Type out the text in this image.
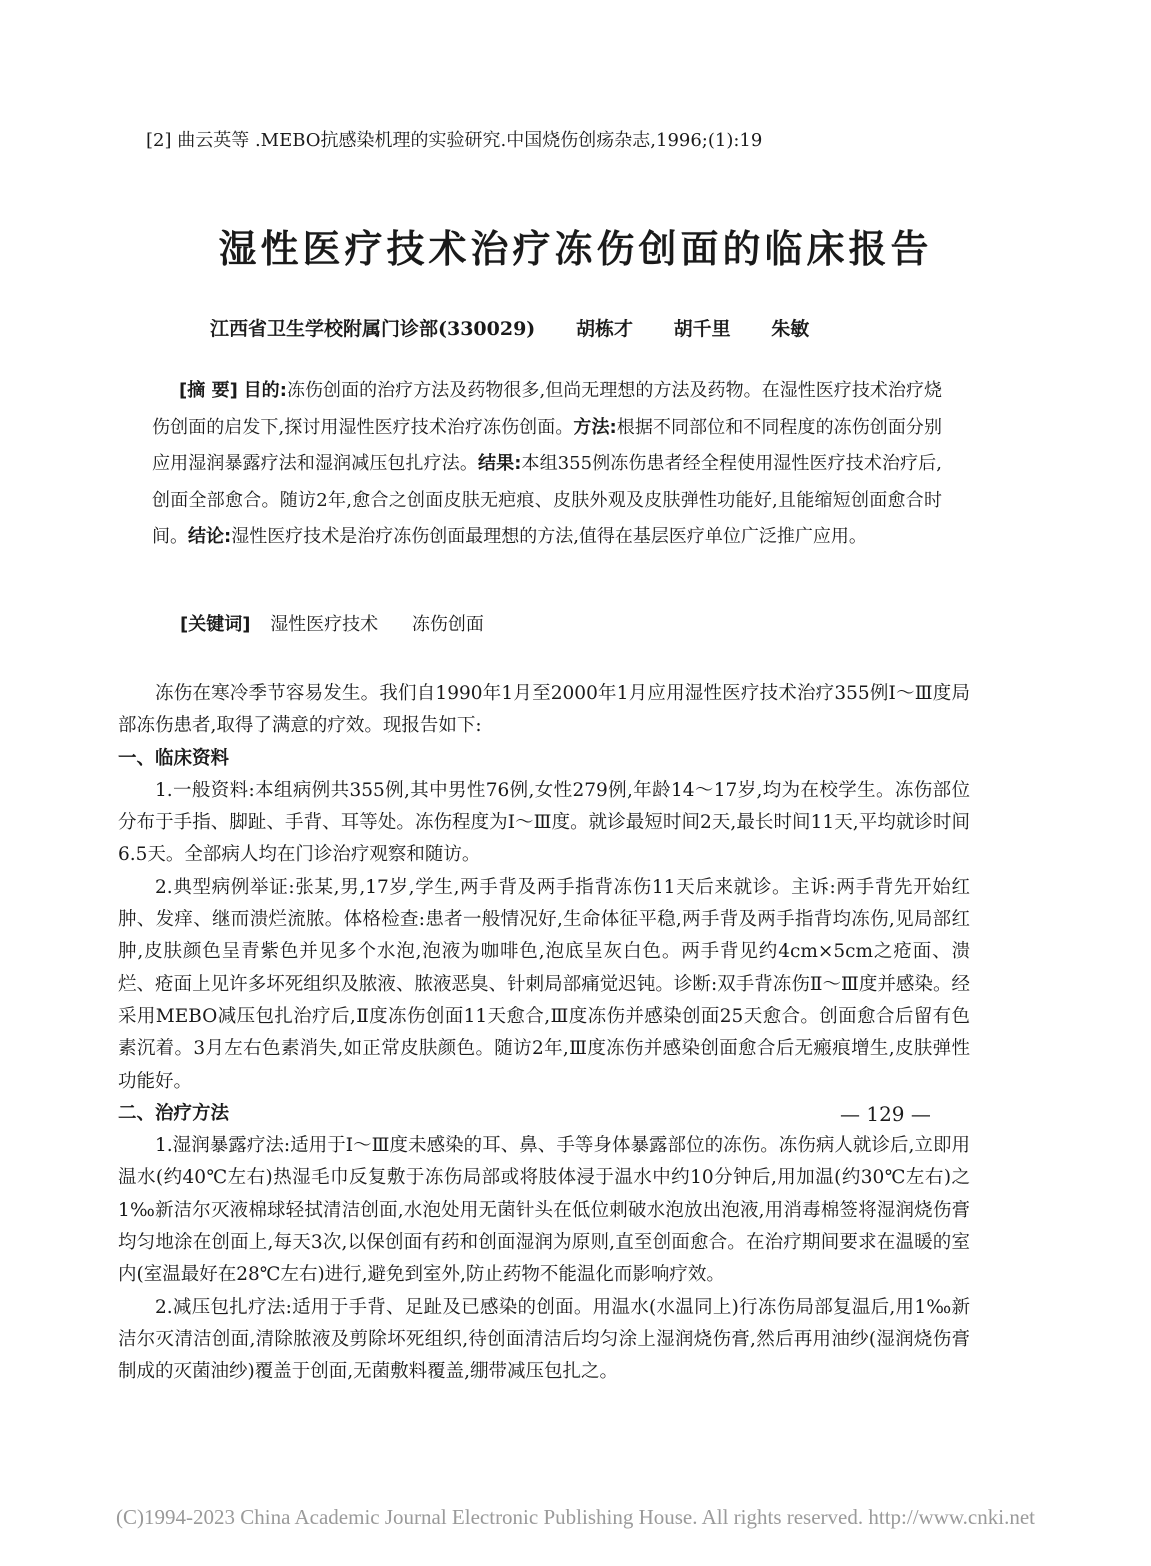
[2] 曲云英等 .MEBO抗感染机理的实验研究.中国烧伤创疡杂志,1996;(1):19
湿性医疗技术治疗冻伤创面的临床报告
江西省卫生学校附属门诊部(330029) 胡栋才 胡千里 朱敏
[摘 要] 目的:冻伤创面的治疗方法及药物很多,但尚无理想的方法及药物。在湿性医疗技术治疗烧伤创面的启发下,探讨用湿性医疗技术治疗冻伤创面。方法:根据不同部位和不同程度的冻伤创面分别应用湿润暴露疗法和湿润减压包扎疗法。结果:本组355例冻伤患者经全程使用湿性医疗技术治疗后,创面全部愈合。随访2年,愈合之创面皮肤无疤痕、皮肤外观及皮肤弹性功能好,且能缩短创面愈合时间。结论:湿性医疗技术是治疗冻伤创面最理想的方法,值得在基层医疗单位广泛推广应用。
[关键词] 湿性医疗技术 冻伤创面

冻伤在寒冷季节容易发生。我们自1990年1月至2000年1月应用湿性医疗技术治疗355例Ⅰ～Ⅲ度局部冻伤患者,取得了满意的疗效。现报告如下:

一、临床资料

1.一般资料:本组病例共355例,其中男性76例,女性279例,年龄14～17岁,均为在校学生。冻伤部位分布于手指、脚趾、手背、耳等处。冻伤程度为Ⅰ～Ⅲ度。就诊最短时间2天,最长时间11天,平均就诊时间6.5天。全部病人均在门诊治疗观察和随访。

2.典型病例举证:张某,男,17岁,学生,两手背及两手指背冻伤11天后来就诊。主诉:两手背先开始红肿、发痒、继而溃烂流脓。体格检查:患者一般情况好,生命体征平稳,两手背及两手指背均冻伤,见局部红肿,皮肤颜色呈青紫色并见多个水泡,泡液为咖啡色,泡底呈灰白色。两手背见约4cm×5cm之疮面、溃烂、疮面上见许多坏死组织及脓液、脓液恶臭、针刺局部痛觉迟钝。诊断:双手背冻伤Ⅱ～Ⅲ度并感染。经采用MEBO减压包扎治疗后,Ⅱ度冻伤创面11天愈合,Ⅲ度冻伤并感染创面25天愈合。创面愈合后留有色素沉着。3月左右色素消失,如正常皮肤颜色。随访2年,Ⅲ度冻伤并感染创面愈合后无瘢痕增生,皮肤弹性功能好。

二、治疗方法

1.湿润暴露疗法:适用于Ⅰ～Ⅲ度未感染的耳、鼻、手等身体暴露部位的冻伤。冻伤病人就诊后,立即用温水(约40℃左右)热湿毛巾反复敷于冻伤局部或将肢体浸于温水中约10分钟后,用加温(约30℃左右)之1‰新洁尔灭液棉球轻拭清洁创面,水泡处用无菌针头在低位刺破水泡放出泡液,用消毒棉签将湿润烧伤膏均匀地涂在创面上,每天3次,以保创面有药和创面湿润为原则,直至创面愈合。在治疗期间要求在温暖的室内(室温最好在28℃左右)进行,避免到室外,防止药物不能温化而影响疗效。

2.减压包扎疗法:适用于手背、足趾及已感染的创面。用温水(水温同上)行冻伤局部复温后,用1‰新洁尔灭清洁创面,清除脓液及剪除坏死组织,待创面清洁后均匀涂上湿润烧伤膏,然后再用油纱(湿润烧伤膏制成的灭菌油纱)覆盖于创面,无菌敷料覆盖,绷带减压包扎之。

— 129 —
(C)1994-2023 China Academic Journal Electronic Publishing House. All rights reserved. http://www.cnki.net
